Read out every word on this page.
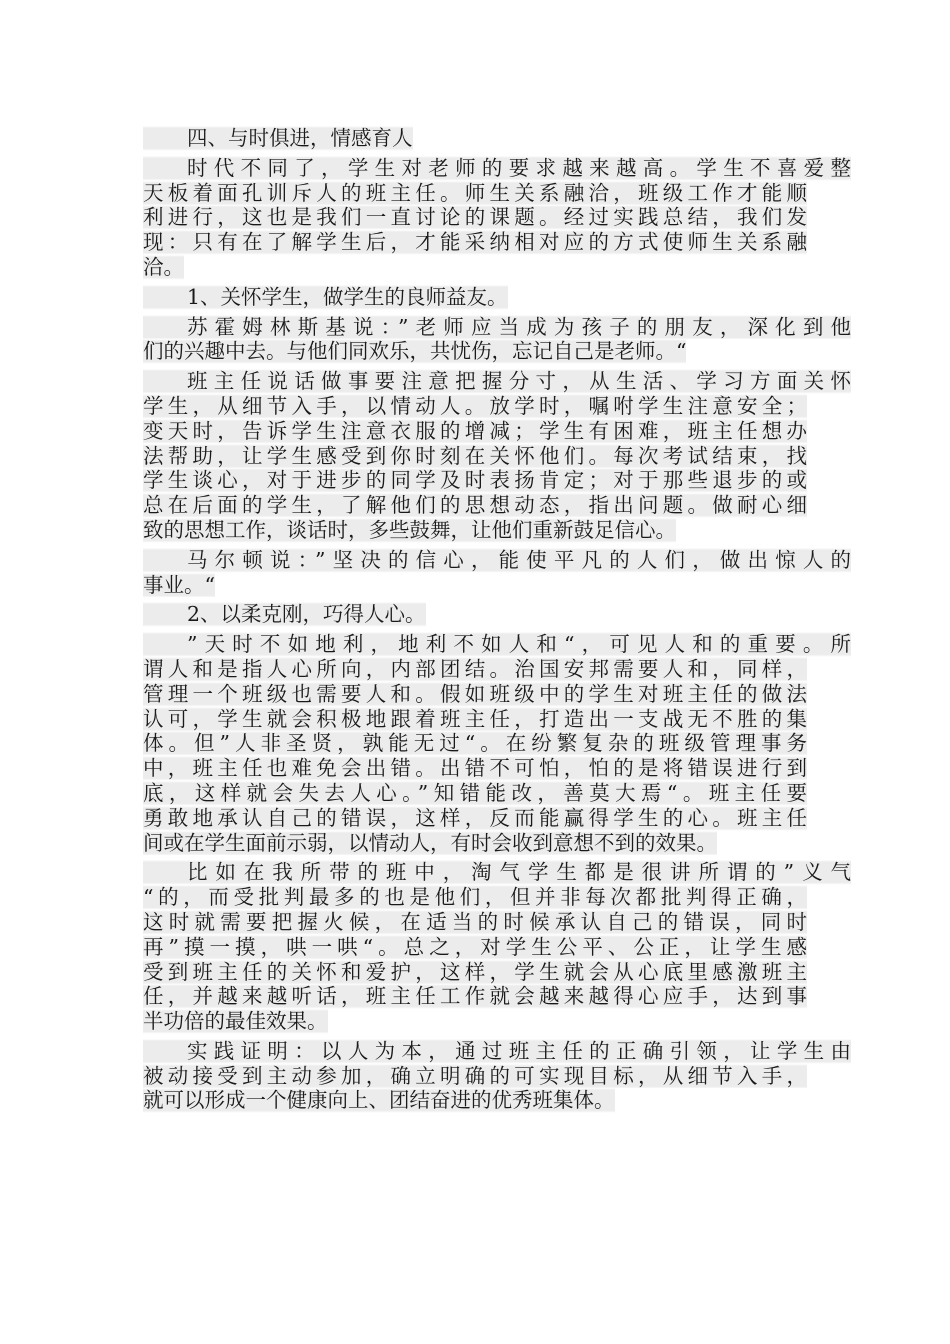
四、与时俱进，情感育人
时代不同了，学生对老师的要求越来越高。学生不喜爱整
天板着面孔训斥人的班主任。师生关系融洽，班级工作才能顺
利进行，这也是我们一直讨论的课题。经过实践总结，我们发
现：只有在了解学生后，才能采纳相对应的方式使师生关系融
洽。
1、关怀学生，做学生的良师益友。
苏霍姆林斯基说：”老师应当成为孩子的朋友，深化到他
们的兴趣中去。与他们同欢乐，共忧伤，忘记自己是老师。“
班主任说话做事要注意把握分寸，从生活、学习方面关怀
学生，从细节入手，以情动人。放学时，嘱咐学生注意安全；
变天时，告诉学生注意衣服的增减；学生有困难，班主任想办
法帮助，让学生感受到你时刻在关怀他们。每次考试结束，找
学生谈心，对于进步的同学及时表扬肯定；对于那些退步的或
总在后面的学生，了解他们的思想动态，指出问题。做耐心细
致的思想工作，谈话时，多些鼓舞，让他们重新鼓足信心。
马尔顿说：”坚决的信心，能使平凡的人们，做出惊人的
事业。“
2、以柔克刚，巧得人心。
”天时不如地利，地利不如人和“，可见人和的重要。所
谓人和是指人心所向，内部团结。治国安邦需要人和，同样，
管理一个班级也需要人和。假如班级中的学生对班主任的做法
认可，学生就会积极地跟着班主任，打造出一支战无不胜的集
体。但”人非圣贤，孰能无过“。在纷繁复杂的班级管理事务
中，班主任也难免会出错。出错不可怕，怕的是将错误进行到
底，这样就会失去人心。”知错能改，善莫大焉“。班主任要
勇敢地承认自己的错误，这样，反而能赢得学生的心。班主任
间或在学生面前示弱，以情动人，有时会收到意想不到的效果。
比如在我所带的班中，淘气学生都是很讲所谓的”义气
“的，而受批判最多的也是他们，但并非每次都批判得正确，
这时就需要把握火候，在适当的时候承认自己的错误，同时
再”摸一摸，哄一哄“。总之，对学生公平、公正，让学生感
受到班主任的关怀和爱护，这样，学生就会从心底里感激班主
任，并越来越听话，班主任工作就会越来越得心应手，达到事
半功倍的最佳效果。
实践证明：以人为本，通过班主任的正确引领，让学生由
被动接受到主动参加，确立明确的可实现目标，从细节入手，
就可以形成一个健康向上、团结奋进的优秀班集体。
